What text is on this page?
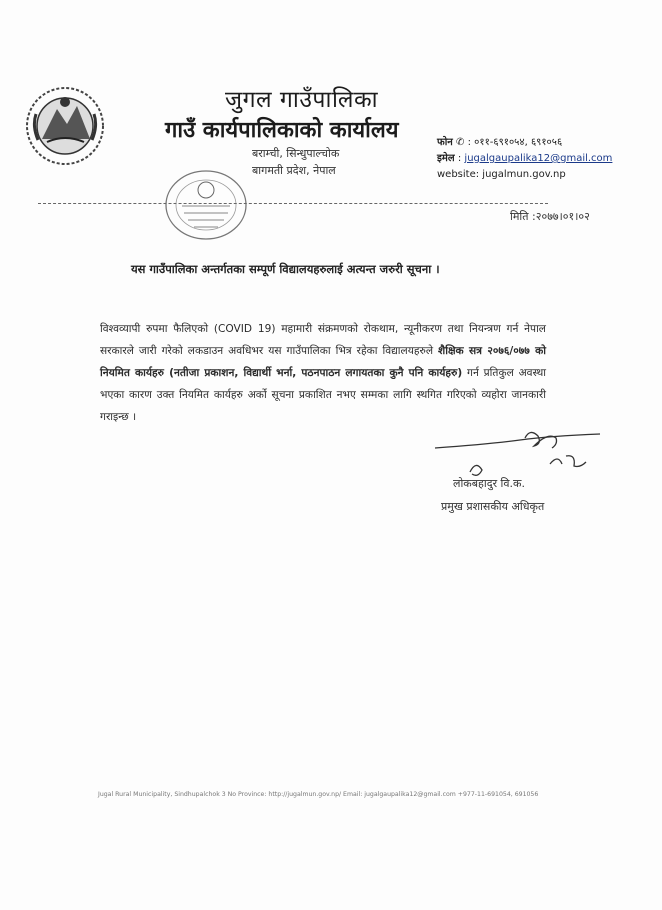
जुगल गाउँपालिका
गाउँ कार्यपालिकाको कार्यालय
बराम्ची, सिन्धुपाल्चोक
बागमती प्रदेश, नेपाल
फोन ✆ : ०११-६९१०५४, ६९१०५६
इमेल : jugalgaupalika12@gmail.com
website: jugalmun.gov.np
मिति :२०७७।०१।०२
यस गाउँपालिका अन्तर्गतका सम्पूर्ण विद्यालयहरुलाई अत्यन्त जरुरी सूचना ।
विश्वव्यापी रुपमा फैलिएको (COVID 19) महामारी संक्रमणको रोकथाम, न्यूनीकरण तथा नियन्त्रण गर्न नेपाल सरकारले जारी गरेको लकडाउन अवधिभर यस गाउँपालिका भित्र रहेका विद्यालयहरुले शैक्षिक सत्र २०७६/०७७ को नियमित कार्यहरु (नतीजा प्रकाशन, विद्यार्थी भर्ना, पठनपाठन लगायतका कुनै पनि कार्यहरु) गर्न प्रतिकुल अवस्था भएका कारण उक्त नियमित कार्यहरु अर्को सूचना प्रकाशित नभए सम्मका लागि स्थगित गरिएको व्यहोरा जानकारी गराइन्छ ।
लोकबहादुर वि.क.
प्रमुख प्रशासकीय अधिकृत
Jugal Rural Municipality, Sindhupalchok 3 No Province: http://jugalmun.gov.np/ Email: jugalgaupalika12@gmail.com +977-11-691054, 691056
